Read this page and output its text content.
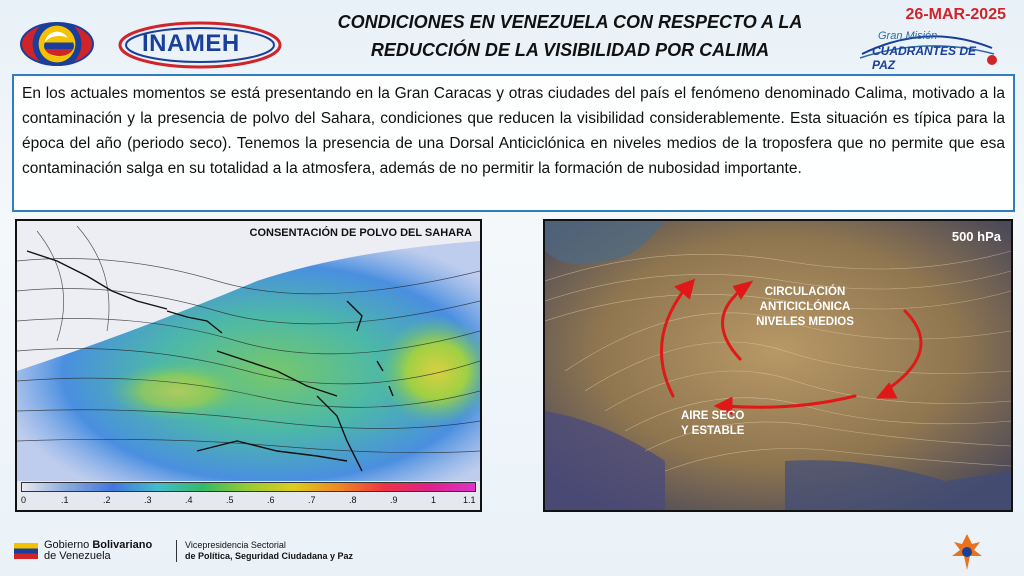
INAMEH
CONDICIONES EN VENEZUELA CON RESPECTO A LA
REDUCCIÓN DE LA VISIBILIDAD POR CALIMA
26-MAR-2025
Gran Misión
CUADRANTES DE PAZ

En los actuales momentos se está presentando en la Gran Caracas y otras ciudades del país el fenómeno denominado Calima, motivado a la contaminación y la presencia de polvo del Sahara, condiciones que reducen la visibilidad considerablemente. Esta situación es típica para la época del año (periodo seco). Tenemos la presencia de una Dorsal Anticiclónica en niveles medios de la troposfera que no permite que esa contaminación salga en su totalidad a la atmosfera, además de no permitir la formación de nubosidad importante.

CONSENTACIÓN DE POLVO DEL SAHARA
0	.1	.2	.3	.4	.5	.6	.7	.8	.9	1	1.1
500 hPa
CIRCULACIÓN
ANTICICLÓNICA
NIVELES MEDIOS
AIRE SECO
Y ESTABLE
Gobierno Bolivariano
de Venezuela
Vicepresidencia Sectorial
de Política, Seguridad Ciudadana y Paz
